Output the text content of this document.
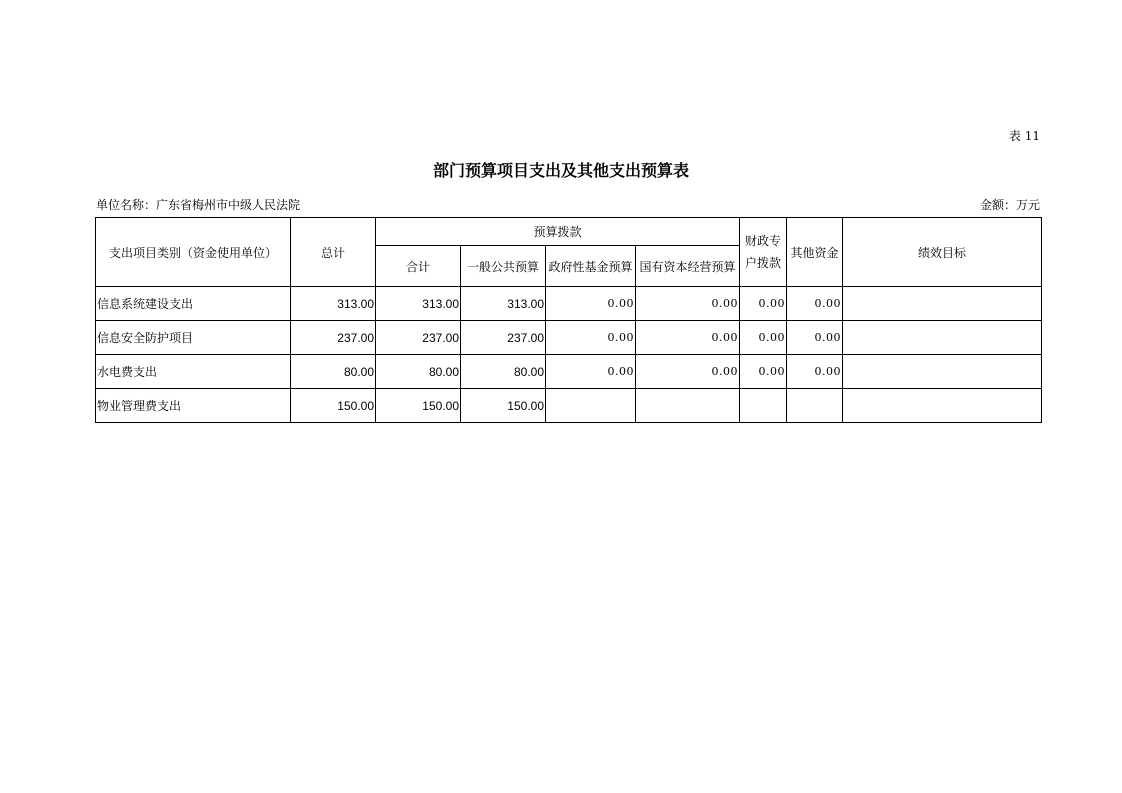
表 11
部门预算项目支出及其他支出预算表
单位名称：广东省梅州市中级人民法院	金额：万元
支出项目类别（资金使用单位）	总计	预算拨款				财政专户拨款	其他资金	绩效目标
		合计	一般公共预算	政府性基金预算	国有资本经营预算			
信息系统建设支出	313.00	313.00	313.00	0.00	0.00	0.00	0.00	
信息安全防护项目	237.00	237.00	237.00	0.00	0.00	0.00	0.00	
水电费支出	80.00	80.00	80.00	0.00	0.00	0.00	0.00	
物业管理费支出	150.00	150.00	150.00					
